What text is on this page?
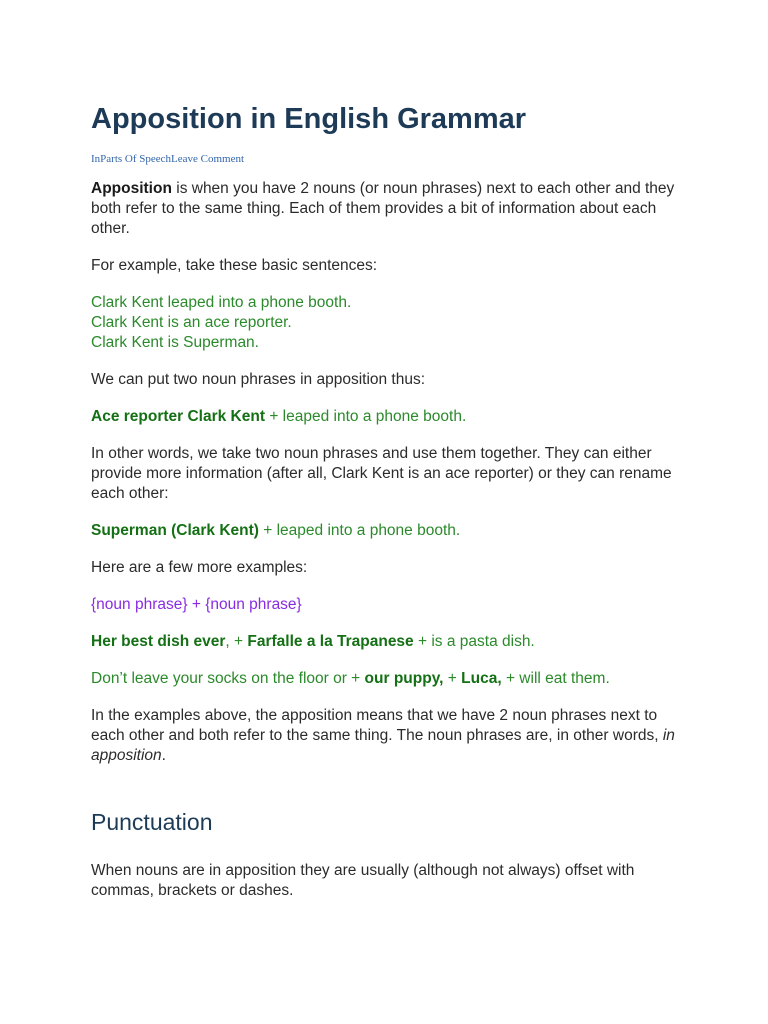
Apposition in English Grammar
InParts Of SpeechLeave Comment

Apposition is when you have 2 nouns (or noun phrases) next to each other and they both refer to the same thing. Each of them provides a bit of information about each other.

For example, take these basic sentences:

Clark Kent leaped into a phone booth.
Clark Kent is an ace reporter.
Clark Kent is Superman.

We can put two noun phrases in apposition thus:

Ace reporter Clark Kent + leaped into a phone booth.

In other words, we take two noun phrases and use them together. They can either provide more information (after all, Clark Kent is an ace reporter) or they can rename each other:

Superman (Clark Kent) + leaped into a phone booth.

Here are a few more examples:

{noun phrase} + {noun phrase}

Her best dish ever, + Farfalle a la Trapanese + is a pasta dish.

Don’t leave your socks on the floor or + our puppy, + Luca, + will eat them.

In the examples above, the apposition means that we have 2 noun phrases next to each other and both refer to the same thing. The noun phrases are, in other words, in apposition.

Punctuation

When nouns are in apposition they are usually (although not always) offset with commas, brackets or dashes.
